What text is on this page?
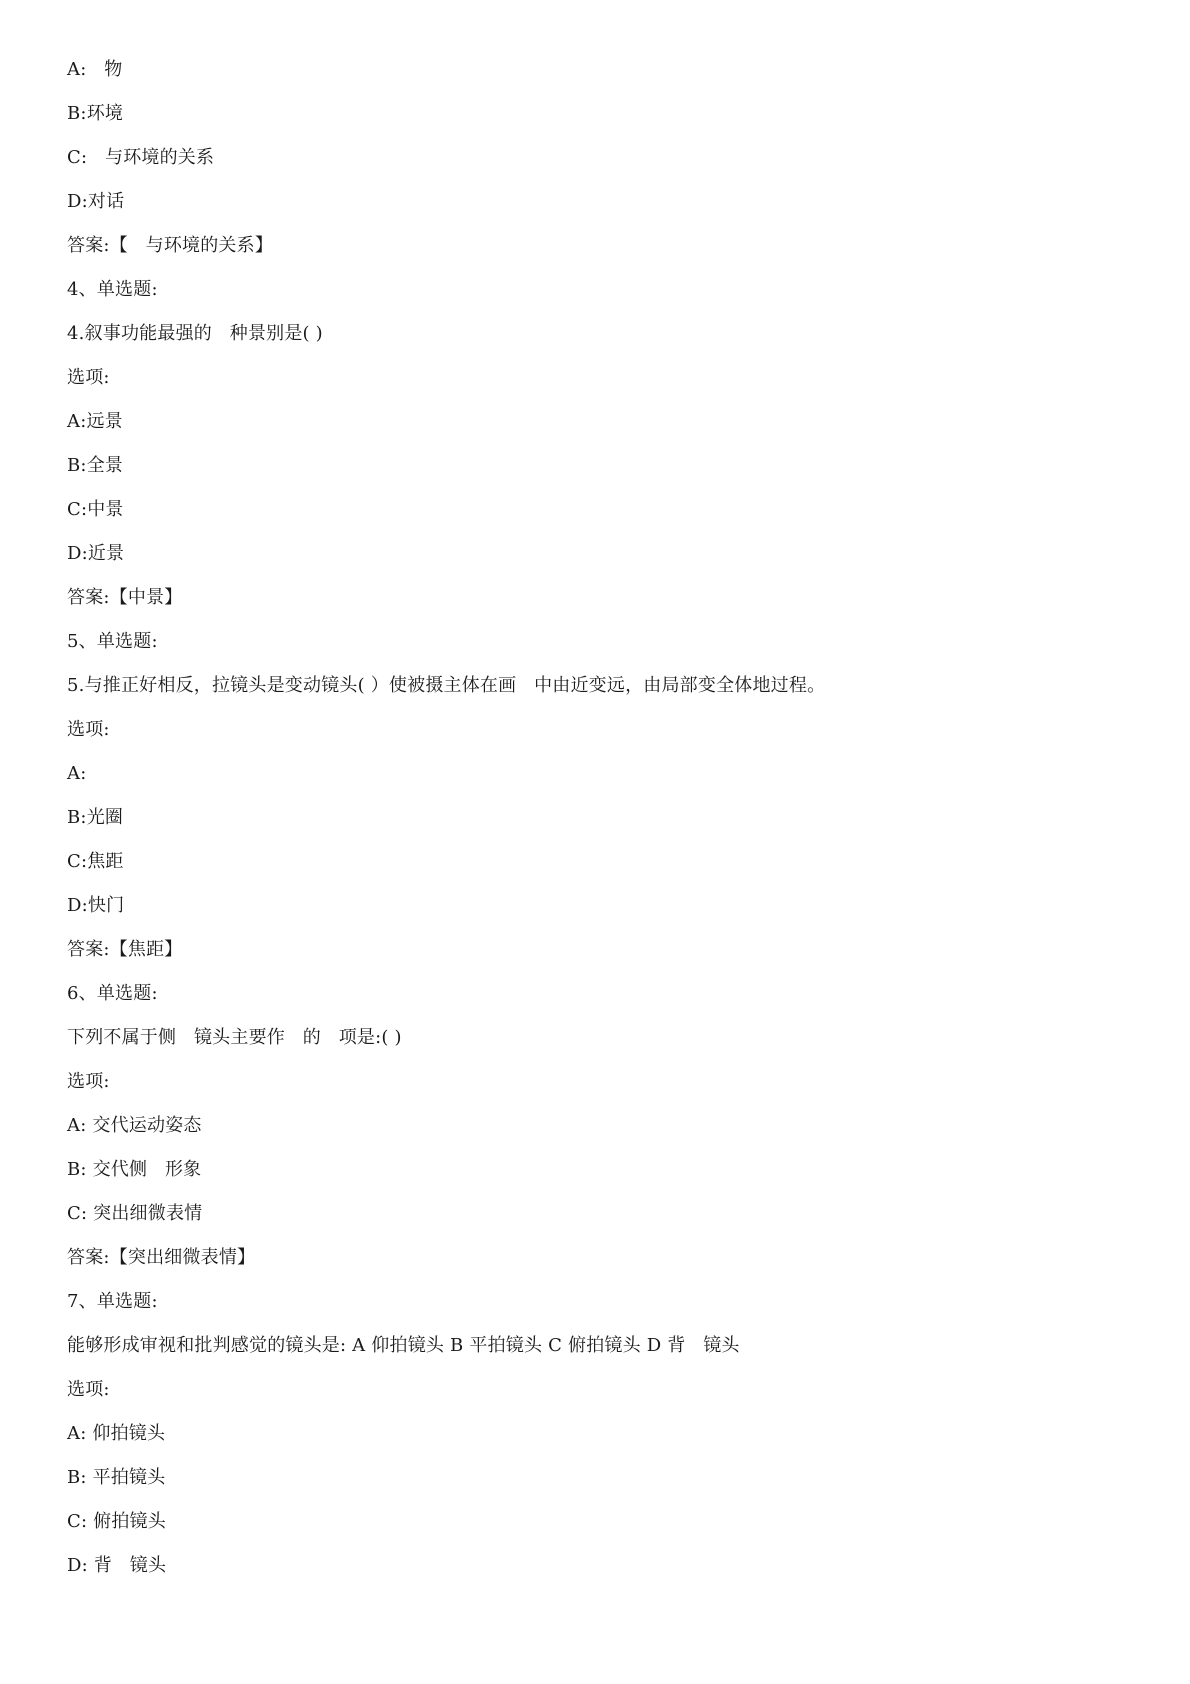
A:   物
B:环境
C:   与环境的关系
D:对话
答案:【   与环境的关系】
4、单选题:
4.叙事功能最强的   种景别是( )
选项:
A:远景
B:全景
C:中景
D:近景
答案:【中景】
5、单选题:
5.与推正好相反，拉镜头是变动镜头( ）使被摄主体在画   中由近变远，由局部变全体地过程。
选项:
A:
B:光圈
C:焦距
D:快门
答案:【焦距】
6、单选题:
下列不属于侧   镜头主要作   的   项是:( )
选项:
A: 交代运动姿态
B: 交代侧   形象
C: 突出细微表情
答案:【突出细微表情】
7、单选题:
能够形成审视和批判感觉的镜头是: A 仰拍镜头 B 平拍镜头 C 俯拍镜头 D 背   镜头
选项:
A: 仰拍镜头
B: 平拍镜头
C: 俯拍镜头
D: 背   镜头
